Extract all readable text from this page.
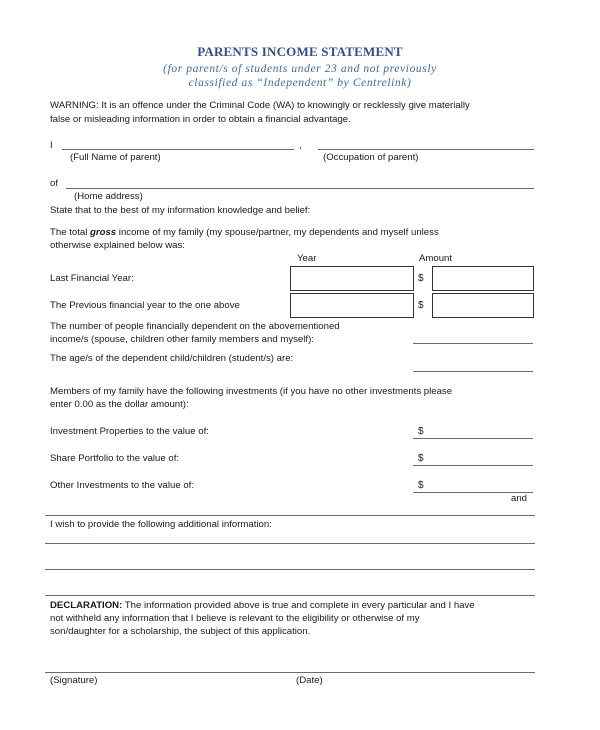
PARENTS INCOME STATEMENT
(for parent/s of students under 23 and not previously
classified as “Independent” by Centrelink)
WARNING: It is an offence under the Criminal Code (WA) to knowingly or recklessly give materially
false or misleading information in order to obtain a financial advantage.
I	,
(Full Name of parent)	(Occupation of parent)
of
(Home address)
State that to the best of my information knowledge and belief:
The total gross income of my family (my spouse/partner, my dependents and myself unless
otherwise explained below was:
Year	Amount
Last Financial Year:	$
The Previous financial year to the one above	$
The number of people financially dependent on the abovementioned
income/s (spouse, children other family members and myself):
The age/s of the dependent child/children (student/s) are:
Members of my family have the following investments (if you have no other investments please
enter 0.00 as the dollar amount):
Investment Properties to the value of:	$
Share Portfolio to the value of:	$
Other Investments to the value of:	$
and
I wish to provide the following additional information:
DECLARATION: The information provided above is true and complete in every particular and I have
not withheld any information that I believe is relevant to the eligibility or otherwise of my
son/daughter for a scholarship, the subject of this application.
(Signature)	(Date)
